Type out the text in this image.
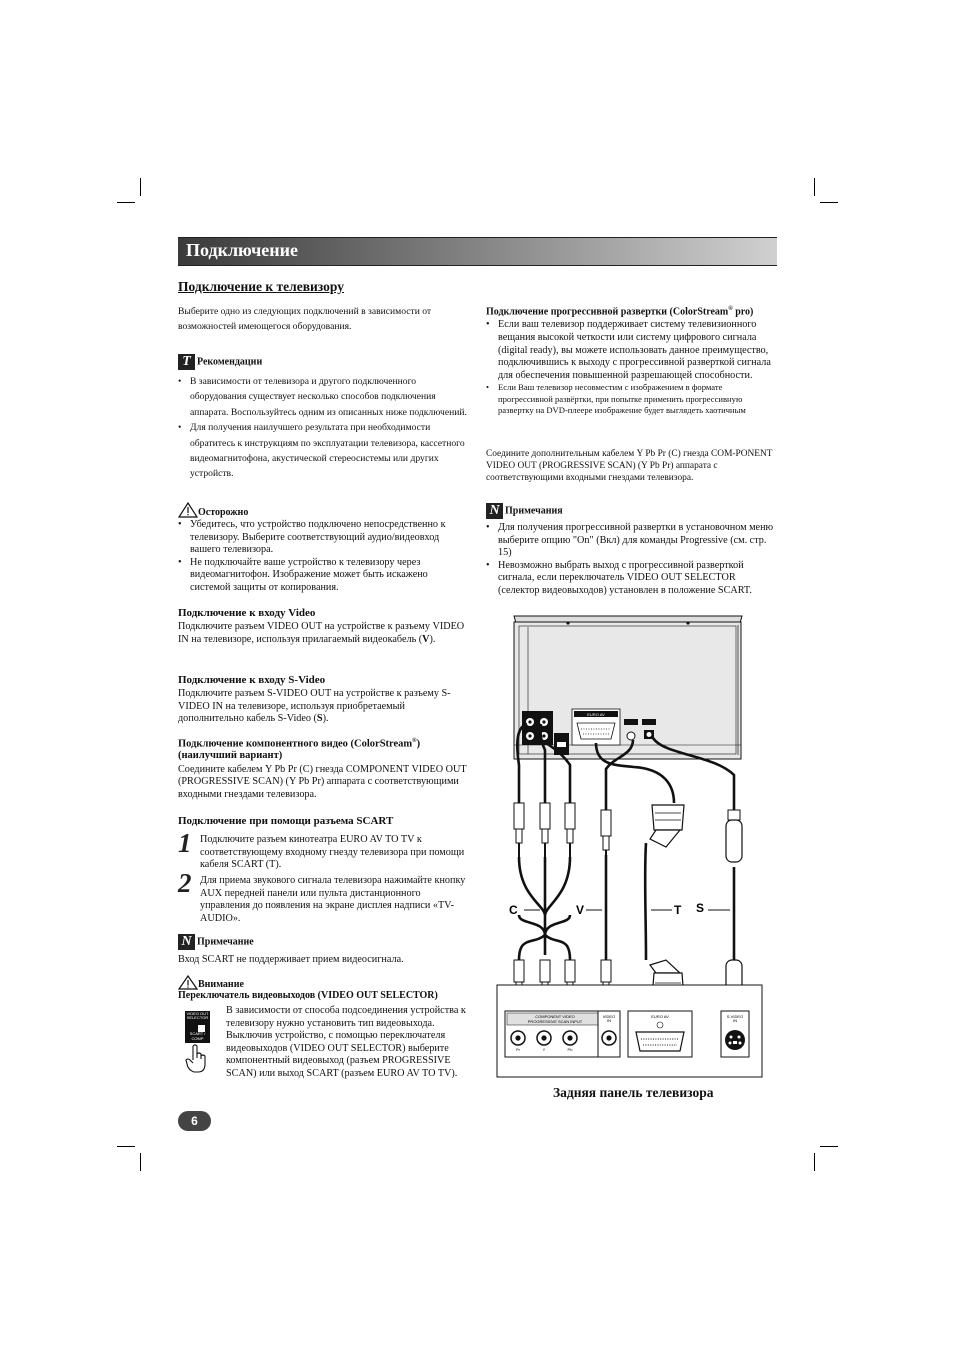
Подключение
Подключение к телевизору
Выберите одно из следующих подключений в зависимости от возможностей имеющегося оборудования.
T Рекомендации
• В зависимости от телевизора и другого подключенного оборудования существует несколько способов подключения аппарата. Воспользуйтесь одним из описанных ниже подключений.
• Для получения наилучшего результата при необходимости обратитесь к инструкциям по эксплуатации телевизора, кассетного видеомагнитофона, акустической стереосистемы или других устройств.
Осторожно
• Убедитесь, что устройство подключено непосредственно к телевизору. Выберите соответствующий аудио/видеовход вашего телевизора.
• Не подключайте ваше устройство к телевизору через видеомагнитофон. Изображение может быть искажено системой защиты от копирования.
Подключение к входу Video
Подключите разъем VIDEO OUT на устройстве к разъему VIDEO IN на телевизоре, используя прилагаемый видеокабель (V).
Подключение к входу S-Video
Подключите разъем S-VIDEO OUT на устройстве к разъему S-VIDEO IN на телевизоре, используя приобретаемый дополнительно кабель S-Video (S).
Подключение компонентного видео (ColorStream®)
(наилучший вариант)
Соедините кабелем Y Pb Pr (C) гнезда COMPONENT VIDEO OUT (PROGRESSIVE SCAN) (Y Pb Pr) аппарата с соответствующими входными гнездами телевизора.
Подключение при помощи разъема SCART
1 Подключите разъем кинотеатра EURO AV TO TV к соответствующему входному гнезду телевизора при помощи кабеля SCART (T).
2 Для приема звукового сигнала телевизора нажимайте кнопку AUX передней панели или пульта дистанционного управления до появления на экране дисплея надписи «TV-AUDIO».
N Примечание
Вход SCART не поддерживает прием видеосигнала.
Внимание
Переключатель видеовыходов (VIDEO OUT SELECTOR)
VIDEO OUT SELECTOR
SCART / COMP
В зависимости от способа подсоединения устройства к телевизору нужно установить тип видеовыхода. Выключив устройство, с помощью переключателя видеовыходов (VIDEO OUT SELECTOR) выберите компонентный видеовыход (разъем PROGRESSIVE SCAN) или выход SCART (разъем EURO AV TO TV).
6
Подключение прогрессивной развертки (ColorStream® pro)
• Если ваш телевизор поддерживает систему телевизионного вещания высокой четкости или систему цифрового сигнала (digital ready), вы можете использовать данное преимущество, подключившись к выходу с прогрессивной разверткой сигнала для обеспечения повышенной разрешающей способности.
• Если Ваш телевизор несовместим с изображением в формате прогрессивной развёртки, при попытке применить прогрессивную развертку на DVD-плеере изображение будет выглядеть хаотичным
Соедините дополнительным кабелем Y Pb Pr (C) гнезда COM-PONENT VIDEO OUT (PROGRESSIVE SCAN) (Y Pb Pr) аппарата с соответствующими входными гнездами телевизора.
N Примечания
• Для получения прогрессивной развертки в установочном меню выберите опцию "On" (Вкл) для команды Progressive (см. стр. 15)
• Невозможно выбрать выход с прогрессивной разверткой сигнала, если переключатель VIDEO OUT SELECTOR (селектор видеовыходов) установлен в положение SCART.
EURO AV
C	V	T S
COMPONENT VIDEO
PROGRESSIVE SCAN INPUT
Pr	Y	Pb
VIDEO
IN
EURO AV	S-VIDEO
IN
Задняя панель телевизора
